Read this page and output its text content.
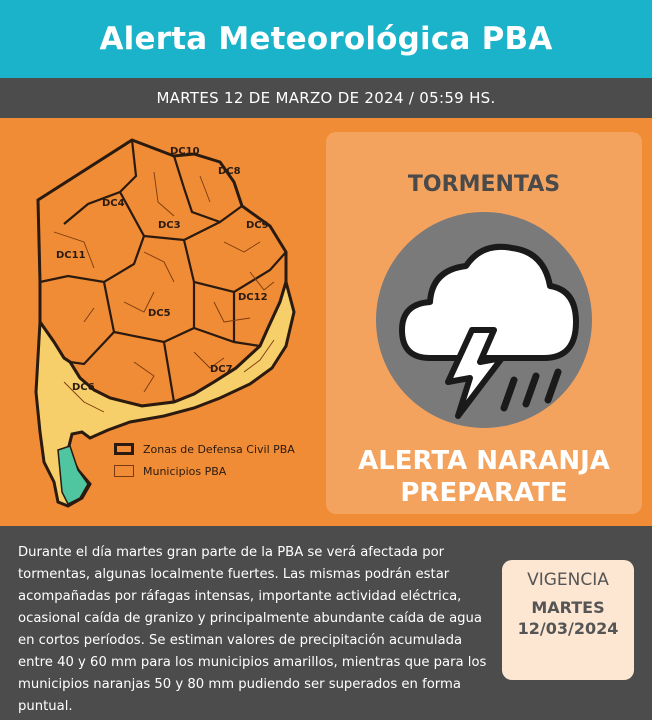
Alerta Meteorológica PBA
MARTES 12 DE MARZO DE 2024 / 05:59 HS.
DC10
DC8
DC4
DC3	DC9
DC11
DC12
DC5
DC7
DC6
Zonas de Defensa Civil PBA
Municipios PBA
TORMENTAS
ALERTA NARANJA
PREPARATE
Durante el día martes gran parte de la PBA se verá afectada por tormentas, algunas localmente fuertes. Las mismas podrán estar acompañadas por ráfagas intensas, importante actividad eléctrica, ocasional caída de granizo y principalmente abundante caída de agua en cortos períodos. Se estiman valores de precipitación acumulada entre 40 y 60 mm para los municipios amarillos, mientras que para los municipios naranjas 50 y 80 mm pudiendo ser superados en forma puntual.
VIGENCIA
MARTES
12/03/2024
